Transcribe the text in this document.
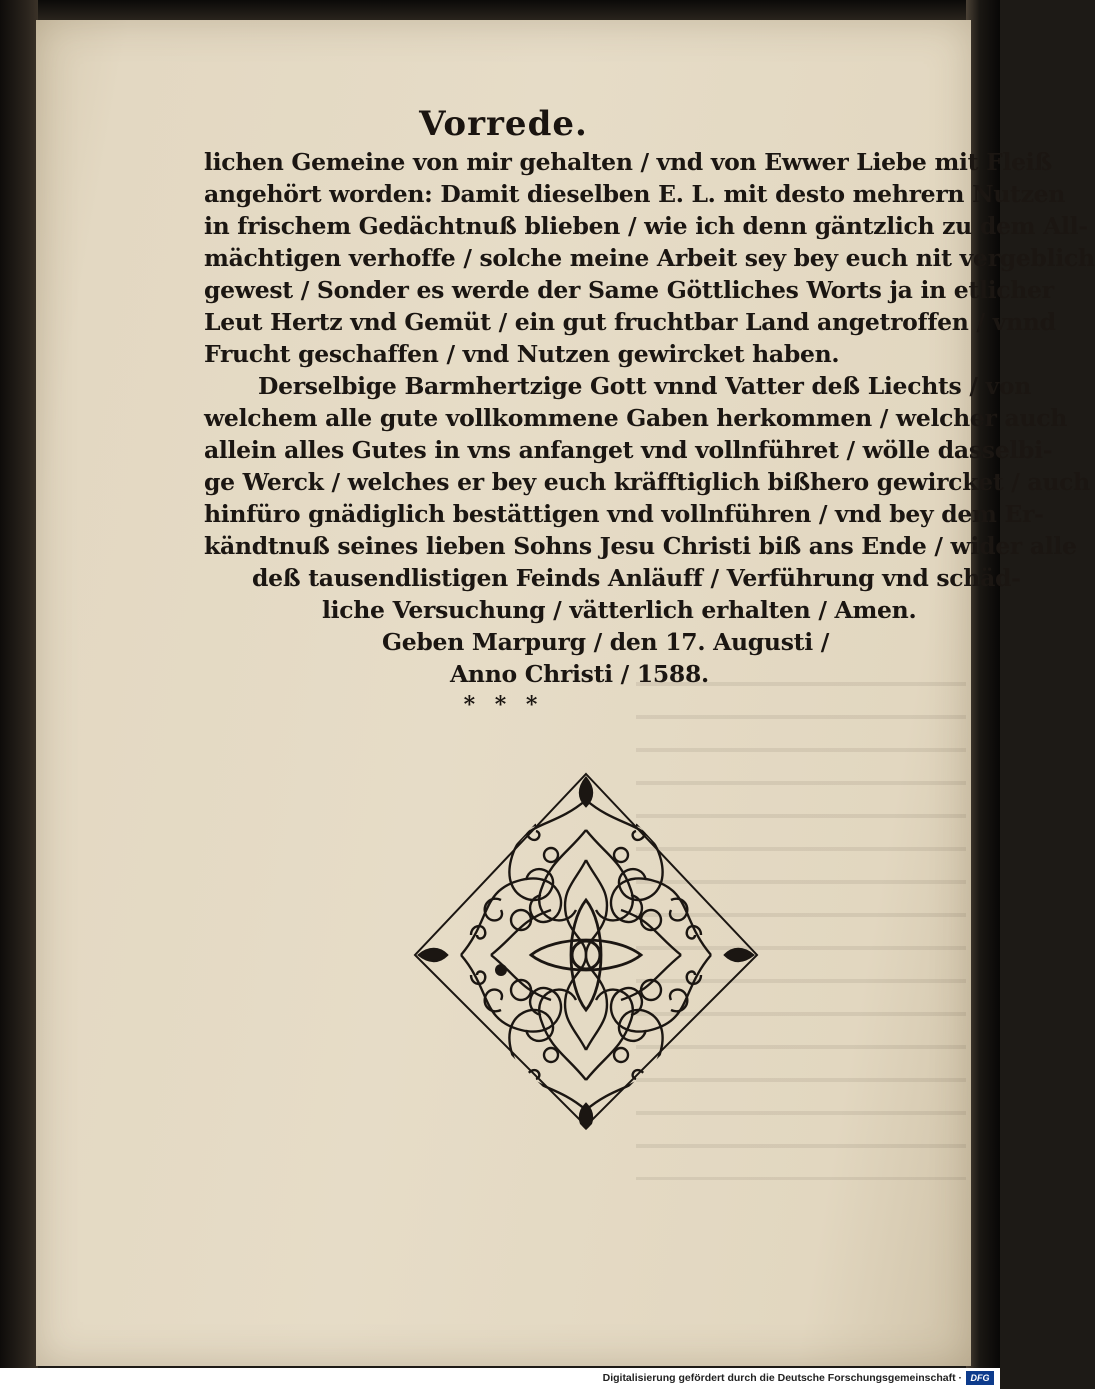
Vorrede.
lichen Gemeine von mir gehalten / vnd von Ewwer Liebe mit Fleiß
angehört worden: Damit dieselben E. L. mit desto mehrern Nutzen
in frischem Gedächtnuß blieben / wie ich denn gäntzlich zu dem All-
mächtigen verhoffe / solche meine Arbeit sey bey euch nit vergeblich
gewest / Sonder es werde der Same Göttliches Worts ja in etlicher
Leut Hertz vnd Gemüt / ein gut fruchtbar Land angetroffen / vnnd
Frucht geschaffen / vnd Nutzen gewircket haben.
Derselbige Barmhertzige Gott vnnd Vatter deß Liechts / von
welchem alle gute vollkommene Gaben herkommen / welcher auch
allein alles Gutes in vns anfanget vnd vollnführet / wölle dasselbi-
ge Werck / welches er bey euch kräfftiglich bißhero gewircket / auch
hinfüro gnädiglich bestättigen vnd vollnführen / vnd bey dem Er-
kändtnuß seines lieben Sohns Jesu Christi biß ans Ende / wider alle
deß tausendlistigen Feinds Anläuff / Verführung vnd schäd-
liche Versuchung / vätterlich erhalten / Amen.
Geben Marpurg / den 17. Augusti /
Anno Christi / 1588.
* * *
Digitalisierung gefördert durch die Deutsche Forschungsgemeinschaft · DFG
